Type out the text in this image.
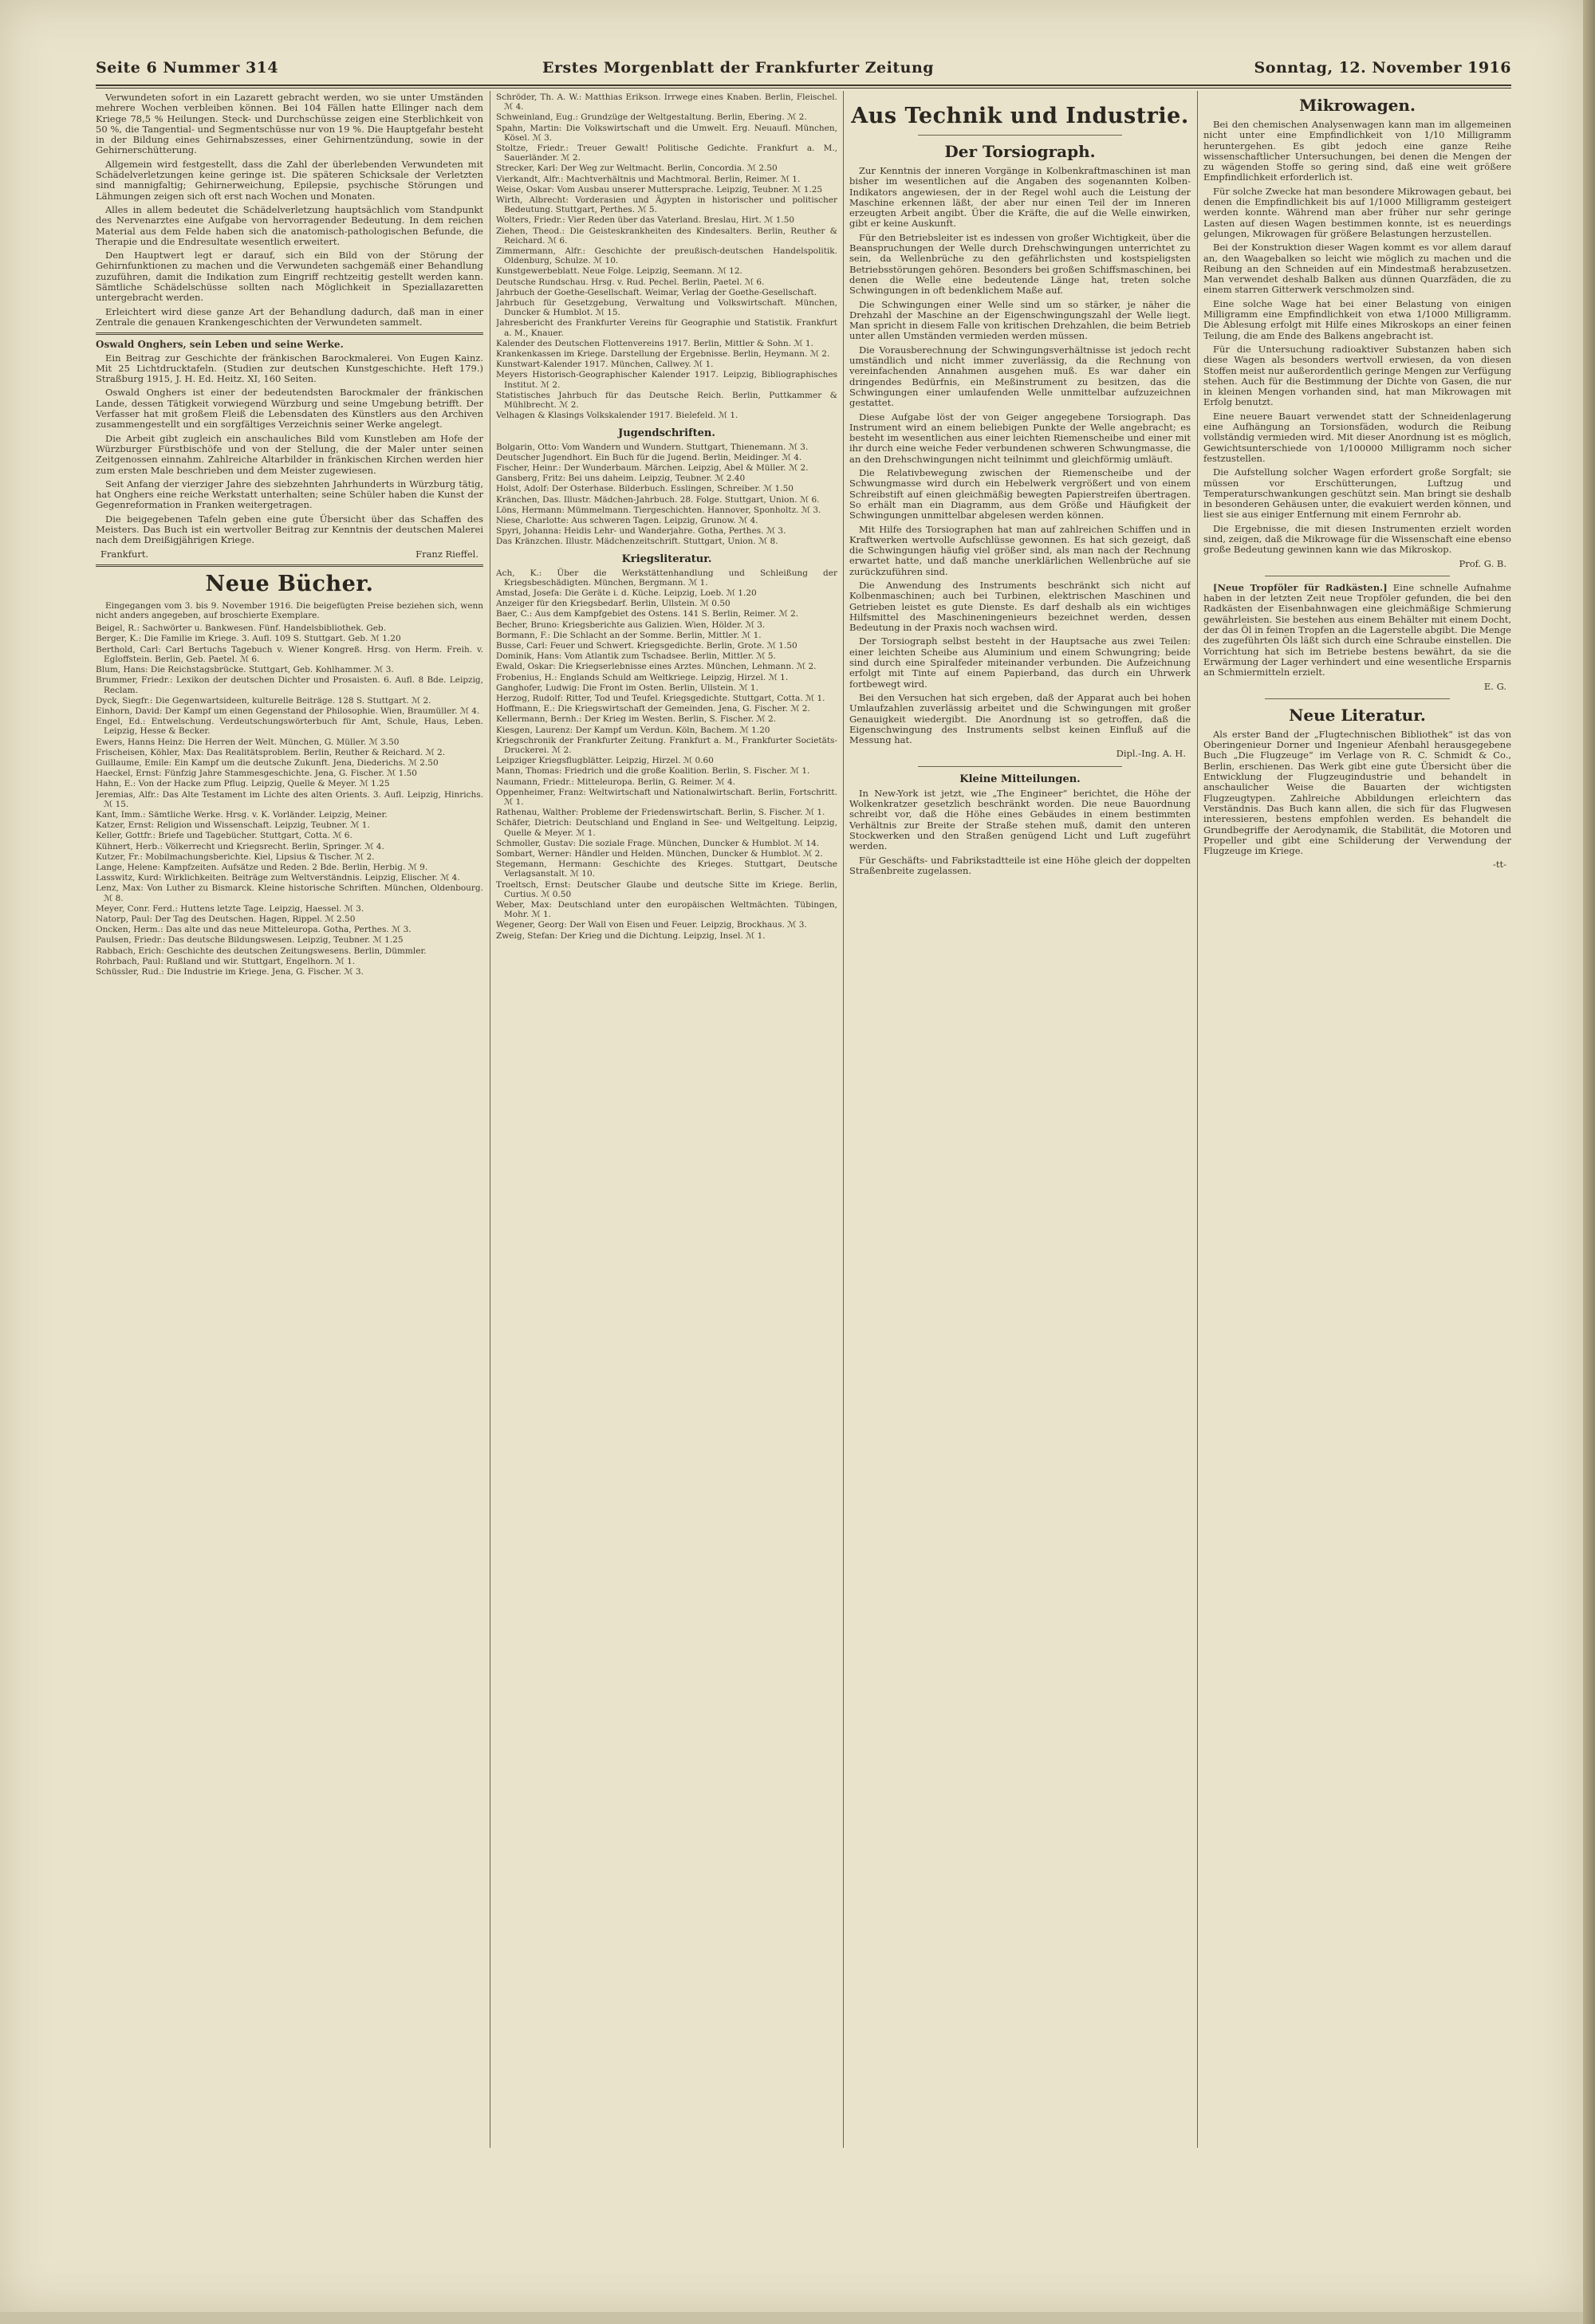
Seite 6 Nummer 314	Erstes Morgenblatt der Frankfurter Zeitung	Sonntag, 12. November 1916

Verwundeten sofort in ein Lazarett gebracht werden, wo sie unter Umständen mehrere Wochen verbleiben können. Bei 104 Fällen hatte Ellinger nach dem Kriege 78,5 % Heilungen. Steck- und Durchschüsse zeigen eine Sterblichkeit von 50 %, die Tangential- und Segmentschüsse nur von 19 %. Die Hauptgefahr besteht in der Bildung eines Gehirnabszesses, einer Gehirnentzündung, sowie in der Gehirnerschütterung.

Allgemein wird festgestellt, dass die Zahl der überlebenden Verwundeten mit Schädelverletzungen keine geringe ist. Die späteren Schicksale der Verletzten sind mannigfaltig; Gehirnerweichung, Epilepsie, psychische Störungen und Lähmungen zeigen sich oft erst nach Wochen und Monaten.

Alles in allem bedeutet die Schädelverletzung hauptsächlich vom Standpunkt des Nervenarztes eine Aufgabe von hervorragender Bedeutung. In dem reichen Material aus dem Felde haben sich die anatomisch-pathologischen Befunde, die Therapie und die Endresultate wesentlich erweitert.

Den Hauptwert legt er darauf, sich ein Bild von der Störung der Gehirnfunktionen zu machen und die Verwundeten sachgemäß einer Behandlung zuzuführen, damit die Indikation zum Eingriff rechtzeitig gestellt werden kann. Sämtliche Schädelschüsse sollten nach Möglichkeit in Speziallazaretten untergebracht werden.

Erleichtert wird diese ganze Art der Behandlung dadurch, daß man in einer Zentrale die genauen Krankengeschichten der Verwundeten sammelt.

Oswald Onghers, sein Leben und seine Werke.

Ein Beitrag zur Geschichte der fränkischen Barockmalerei. Von Eugen Kainz. Mit 25 Lichtdrucktafeln. (Studien zur deutschen Kunstgeschichte. Heft 179.) Straßburg 1915, J. H. Ed. Heitz. XI, 160 Seiten.

Oswald Onghers ist einer der bedeutendsten Barockmaler der fränkischen Lande, dessen Tätigkeit vorwiegend Würzburg und seine Umgebung betrifft. Der Verfasser hat mit großem Fleiß die Lebensdaten des Künstlers aus den Archiven zusammengestellt und ein sorgfältiges Verzeichnis seiner Werke angelegt.

Die Arbeit gibt zugleich ein anschauliches Bild vom Kunstleben am Hofe der Würzburger Fürstbischöfe und von der Stellung, die der Maler unter seinen Zeitgenossen einnahm. Zahlreiche Altarbilder in fränkischen Kirchen werden hier zum ersten Male beschrieben und dem Meister zugewiesen.

Seit Anfang der vierziger Jahre des siebzehnten Jahrhunderts in Würzburg tätig, hat Onghers eine reiche Werkstatt unterhalten; seine Schüler haben die Kunst der Gegenreformation in Franken weitergetragen.

Die beigegebenen Tafeln geben eine gute Übersicht über das Schaffen des Meisters. Das Buch ist ein wertvoller Beitrag zur Kenntnis der deutschen Malerei nach dem Dreißigjährigen Kriege.

Frankfurt.	Franz Rieffel.
Neue Bücher.

Eingegangen vom 3. bis 9. November 1916. Die beigefügten Preise beziehen sich, wenn nicht anders angegeben, auf broschierte Exemplare.

Beigel, R.: Sachwörter u. Bankwesen. Fünf. Handelsbibliothek. Geb.
Berger, K.: Die Familie im Kriege. 3. Aufl. 109 S. Stuttgart. Geb. ℳ 1.20
Berthold, Carl: Carl Bertuchs Tagebuch v. Wiener Kongreß. Hrsg. von Herm. Freih. v. Egloffstein. Berlin, Geb. Paetel. ℳ 6.
Blum, Hans: Die Reichstagsbrücke. Stuttgart, Geb. Kohlhammer. ℳ 3.
Brummer, Friedr.: Lexikon der deutschen Dichter und Prosaisten. 6. Aufl. 8 Bde. Leipzig, Reclam.
Dyck, Siegfr.: Die Gegenwartsideen, kulturelle Beiträge. 128 S. Stuttgart. ℳ 2.
Einhorn, David: Der Kampf um einen Gegenstand der Philosophie. Wien, Braumüller. ℳ 4.
Engel, Ed.: Entwelschung. Verdeutschungswörterbuch für Amt, Schule, Haus, Leben. Leipzig, Hesse & Becker.
Ewers, Hanns Heinz: Die Herren der Welt. München, G. Müller. ℳ 3.50
Frischeisen, Köhler, Max: Das Realitätsproblem. Berlin, Reuther & Reichard. ℳ 2.
Guillaume, Emile: Ein Kampf um die deutsche Zukunft. Jena, Diederichs. ℳ 2.50
Haeckel, Ernst: Fünfzig Jahre Stammesgeschichte. Jena, G. Fischer. ℳ 1.50
Hahn, E.: Von der Hacke zum Pflug. Leipzig, Quelle & Meyer. ℳ 1.25
Jeremias, Alfr.: Das Alte Testament im Lichte des alten Orients. 3. Aufl. Leipzig, Hinrichs. ℳ 15.
Kant, Imm.: Sämtliche Werke. Hrsg. v. K. Vorländer. Leipzig, Meiner.
Katzer, Ernst: Religion und Wissenschaft. Leipzig, Teubner. ℳ 1.
Keller, Gottfr.: Briefe und Tagebücher. Stuttgart, Cotta. ℳ 6.
Kühnert, Herb.: Völkerrecht und Kriegsrecht. Berlin, Springer. ℳ 4.
Kutzer, Fr.: Mobilmachungsberichte. Kiel, Lipsius & Tischer. ℳ 2.
Lange, Helene: Kampfzeiten. Aufsätze und Reden. 2 Bde. Berlin, Herbig. ℳ 9.
Lasswitz, Kurd: Wirklichkeiten. Beiträge zum Weltverständnis. Leipzig, Elischer. ℳ 4.
Lenz, Max: Von Luther zu Bismarck. Kleine historische Schriften. München, Oldenbourg. ℳ 8.
Meyer, Conr. Ferd.: Huttens letzte Tage. Leipzig, Haessel. ℳ 3.
Natorp, Paul: Der Tag des Deutschen. Hagen, Rippel. ℳ 2.50
Oncken, Herm.: Das alte und das neue Mitteleuropa. Gotha, Perthes. ℳ 3.
Paulsen, Friedr.: Das deutsche Bildungswesen. Leipzig, Teubner. ℳ 1.25
Rabbach, Erich: Geschichte des deutschen Zeitungswesens. Berlin, Dümmler.
Rohrbach, Paul: Rußland und wir. Stuttgart, Engelhorn. ℳ 1.
Schüssler, Rud.: Die Industrie im Kriege. Jena, G. Fischer. ℳ 3.
Schröder, Th. A. W.: Matthias Erikson. Irrwege eines Knaben. Berlin, Fleischel. ℳ 4.
Schweinland, Eug.: Grundzüge der Weltgestaltung. Berlin, Ebering. ℳ 2.
Spahn, Martin: Die Volkswirtschaft und die Umwelt. Erg. Neuaufl. München, Kösel. ℳ 3.
Stoltze, Friedr.: Treuer Gewalt! Politische Gedichte. Frankfurt a. M., Sauerländer. ℳ 2.
Strecker, Karl: Der Weg zur Weltmacht. Berlin, Concordia. ℳ 2.50
Vierkandt, Alfr.: Machtverhältnis und Machtmoral. Berlin, Reimer. ℳ 1.
Weise, Oskar: Vom Ausbau unserer Muttersprache. Leipzig, Teubner. ℳ 1.25
Wirth, Albrecht: Vorderasien und Ägypten in historischer und politischer Bedeutung. Stuttgart, Perthes. ℳ 5.
Wolters, Friedr.: Vier Reden über das Vaterland. Breslau, Hirt. ℳ 1.50
Ziehen, Theod.: Die Geisteskrankheiten des Kindesalters. Berlin, Reuther & Reichard. ℳ 6.
Zimmermann, Alfr.: Geschichte der preußisch-deutschen Handelspolitik. Oldenburg, Schulze. ℳ 10.
Kunstgewerbeblatt. Neue Folge. Leipzig, Seemann. ℳ 12.
Deutsche Rundschau. Hrsg. v. Rud. Pechel. Berlin, Paetel. ℳ 6.
Jahrbuch der Goethe-Gesellschaft. Weimar, Verlag der Goethe-Gesellschaft.
Jahrbuch für Gesetzgebung, Verwaltung und Volkswirtschaft. München, Duncker & Humblot. ℳ 15.
Jahresbericht des Frankfurter Vereins für Geographie und Statistik. Frankfurt a. M., Knauer.
Kalender des Deutschen Flottenvereins 1917. Berlin, Mittler & Sohn. ℳ 1.
Krankenkassen im Kriege. Darstellung der Ergebnisse. Berlin, Heymann. ℳ 2.
Kunstwart-Kalender 1917. München, Callwey. ℳ 1.
Meyers Historisch-Geographischer Kalender 1917. Leipzig, Bibliographisches Institut. ℳ 2.
Statistisches Jahrbuch für das Deutsche Reich. Berlin, Puttkammer & Mühlbrecht. ℳ 2.
Velhagen & Klasings Volkskalender 1917. Bielefeld. ℳ 1.
Jugendschriften.
Bolgarin, Otto: Vom Wandern und Wundern. Stuttgart, Thienemann. ℳ 3.
Deutscher Jugendhort. Ein Buch für die Jugend. Berlin, Meidinger. ℳ 4.
Fischer, Heinr.: Der Wunderbaum. Märchen. Leipzig, Abel & Müller. ℳ 2.
Gansberg, Fritz: Bei uns daheim. Leipzig, Teubner. ℳ 2.40
Holst, Adolf: Der Osterhase. Bilderbuch. Esslingen, Schreiber. ℳ 1.50
Kränchen, Das. Illustr. Mädchen-Jahrbuch. 28. Folge. Stuttgart, Union. ℳ 6.
Löns, Hermann: Mümmelmann. Tiergeschichten. Hannover, Sponholtz. ℳ 3.
Niese, Charlotte: Aus schweren Tagen. Leipzig, Grunow. ℳ 4.
Spyri, Johanna: Heidis Lehr- und Wanderjahre. Gotha, Perthes. ℳ 3.
Das Kränzchen. Illustr. Mädchenzeitschrift. Stuttgart, Union. ℳ 8.
Kriegsliteratur.
Ach, K.: Über die Werkstättenhandlung und Schleißung der Kriegsbeschädigten. München, Bergmann. ℳ 1.
Amstad, Josefa: Die Geräte i. d. Küche. Leipzig, Loeb. ℳ 1.20
Anzeiger für den Kriegsbedarf. Berlin, Ullstein. ℳ 0.50
Baer, C.: Aus dem Kampfgebiet des Ostens. 141 S. Berlin, Reimer. ℳ 2.
Becher, Bruno: Kriegsberichte aus Galizien. Wien, Hölder. ℳ 3.
Bormann, F.: Die Schlacht an der Somme. Berlin, Mittler. ℳ 1.
Busse, Carl: Feuer und Schwert. Kriegsgedichte. Berlin, Grote. ℳ 1.50
Dominik, Hans: Vom Atlantik zum Tschadsee. Berlin, Mittler. ℳ 5.
Ewald, Oskar: Die Kriegserlebnisse eines Arztes. München, Lehmann. ℳ 2.
Frobenius, H.: Englands Schuld am Weltkriege. Leipzig, Hirzel. ℳ 1.
Ganghofer, Ludwig: Die Front im Osten. Berlin, Ullstein. ℳ 1.
Herzog, Rudolf: Ritter, Tod und Teufel. Kriegsgedichte. Stuttgart, Cotta. ℳ 1.
Hoffmann, E.: Die Kriegswirtschaft der Gemeinden. Jena, G. Fischer. ℳ 2.
Kellermann, Bernh.: Der Krieg im Westen. Berlin, S. Fischer. ℳ 2.
Kiesgen, Laurenz: Der Kampf um Verdun. Köln, Bachem. ℳ 1.20
Kriegschronik der Frankfurter Zeitung. Frankfurt a. M., Frankfurter Societäts-Druckerei. ℳ 2.
Leipziger Kriegsflugblätter. Leipzig, Hirzel. ℳ 0.60
Mann, Thomas: Friedrich und die große Koalition. Berlin, S. Fischer. ℳ 1.
Naumann, Friedr.: Mitteleuropa. Berlin, G. Reimer. ℳ 4.
Oppenheimer, Franz: Weltwirtschaft und Nationalwirtschaft. Berlin, Fortschritt. ℳ 1.
Rathenau, Walther: Probleme der Friedenswirtschaft. Berlin, S. Fischer. ℳ 1.
Schäfer, Dietrich: Deutschland und England in See- und Weltgeltung. Leipzig, Quelle & Meyer. ℳ 1.
Schmoller, Gustav: Die soziale Frage. München, Duncker & Humblot. ℳ 14.
Sombart, Werner: Händler und Helden. München, Duncker & Humblot. ℳ 2.
Stegemann, Hermann: Geschichte des Krieges. Stuttgart, Deutsche Verlagsanstalt. ℳ 10.
Troeltsch, Ernst: Deutscher Glaube und deutsche Sitte im Kriege. Berlin, Curtius. ℳ 0.50
Weber, Max: Deutschland unter den europäischen Weltmächten. Tübingen, Mohr. ℳ 1.
Wegener, Georg: Der Wall von Eisen und Feuer. Leipzig, Brockhaus. ℳ 3.
Zweig, Stefan: Der Krieg und die Dichtung. Leipzig, Insel. ℳ 1.
Aus Technik und Industrie.
Der Torsiograph.

Zur Kenntnis der inneren Vorgänge in Kolbenkraftmaschinen ist man bisher im wesentlichen auf die Angaben des sogenannten Kolben-Indikators angewiesen, der in der Regel wohl auch die Leistung der Maschine erkennen läßt, der aber nur einen Teil der im Inneren erzeugten Arbeit angibt. Über die Kräfte, die auf die Welle einwirken, gibt er keine Auskunft.

Für den Betriebsleiter ist es indessen von großer Wichtigkeit, über die Beanspruchungen der Welle durch Drehschwingungen unterrichtet zu sein, da Wellenbrüche zu den gefährlichsten und kostspieligsten Betriebsstörungen gehören. Besonders bei großen Schiffsmaschinen, bei denen die Welle eine bedeutende Länge hat, treten solche Schwingungen in oft bedenklichem Maße auf.

Die Schwingungen einer Welle sind um so stärker, je näher die Drehzahl der Maschine an der Eigenschwingungszahl der Welle liegt. Man spricht in diesem Falle von kritischen Drehzahlen, die beim Betrieb unter allen Umständen vermieden werden müssen.

Die Vorausberechnung der Schwingungsverhältnisse ist jedoch recht umständlich und nicht immer zuverlässig, da die Rechnung von vereinfachenden Annahmen ausgehen muß. Es war daher ein dringendes Bedürfnis, ein Meßinstrument zu besitzen, das die Schwingungen einer umlaufenden Welle unmittelbar aufzuzeichnen gestattet.

Diese Aufgabe löst der von Geiger angegebene Torsiograph. Das Instrument wird an einem beliebigen Punkte der Welle angebracht; es besteht im wesentlichen aus einer leichten Riemenscheibe und einer mit ihr durch eine weiche Feder verbundenen schweren Schwungmasse, die an den Drehschwingungen nicht teilnimmt und gleichförmig umläuft.

Die Relativbewegung zwischen der Riemenscheibe und der Schwungmasse wird durch ein Hebelwerk vergrößert und von einem Schreibstift auf einen gleichmäßig bewegten Papierstreifen übertragen. So erhält man ein Diagramm, aus dem Größe und Häufigkeit der Schwingungen unmittelbar abgelesen werden können.

Mit Hilfe des Torsiographen hat man auf zahlreichen Schiffen und in Kraftwerken wertvolle Aufschlüsse gewonnen. Es hat sich gezeigt, daß die Schwingungen häufig viel größer sind, als man nach der Rechnung erwartet hatte, und daß manche unerklärlichen Wellenbrüche auf sie zurückzuführen sind.

Die Anwendung des Instruments beschränkt sich nicht auf Kolbenmaschinen; auch bei Turbinen, elektrischen Maschinen und Getrieben leistet es gute Dienste. Es darf deshalb als ein wichtiges Hilfsmittel des Maschineningenieurs bezeichnet werden, dessen Bedeutung in der Praxis noch wachsen wird.

Der Torsiograph selbst besteht in der Hauptsache aus zwei Teilen: einer leichten Scheibe aus Aluminium und einem Schwungring; beide sind durch eine Spiralfeder miteinander verbunden. Die Aufzeichnung erfolgt mit Tinte auf einem Papierband, das durch ein Uhrwerk fortbewegt wird.

Bei den Versuchen hat sich ergeben, daß der Apparat auch bei hohen Umlaufzahlen zuverlässig arbeitet und die Schwingungen mit großer Genauigkeit wiedergibt. Die Anordnung ist so getroffen, daß die Eigenschwingung des Instruments selbst keinen Einfluß auf die Messung hat.

Dipl.-Ing. A. H.
Kleine Mitteilungen.

In New-York ist jetzt, wie „The Engineer“ berichtet, die Höhe der Wolkenkratzer gesetzlich beschränkt worden. Die neue Bauordnung schreibt vor, daß die Höhe eines Gebäudes in einem bestimmten Verhältnis zur Breite der Straße stehen muß, damit den unteren Stockwerken und den Straßen genügend Licht und Luft zugeführt werden.

Für Geschäfts- und Fabrikstadtteile ist eine Höhe gleich der doppelten Straßenbreite zugelassen.

Mikrowagen.

Bei den chemischen Analysenwagen kann man im allgemeinen nicht unter eine Empfindlichkeit von 1/10 Milligramm heruntergehen. Es gibt jedoch eine ganze Reihe wissenschaftlicher Untersuchungen, bei denen die Mengen der zu wägenden Stoffe so gering sind, daß eine weit größere Empfindlichkeit erforderlich ist.

Für solche Zwecke hat man besondere Mikrowagen gebaut, bei denen die Empfindlichkeit bis auf 1/1000 Milligramm gesteigert werden konnte. Während man aber früher nur sehr geringe Lasten auf diesen Wagen bestimmen konnte, ist es neuerdings gelungen, Mikrowagen für größere Belastungen herzustellen.

Bei der Konstruktion dieser Wagen kommt es vor allem darauf an, den Waagebalken so leicht wie möglich zu machen und die Reibung an den Schneiden auf ein Mindestmaß herabzusetzen. Man verwendet deshalb Balken aus dünnen Quarzfäden, die zu einem starren Gitterwerk verschmolzen sind.

Eine solche Wage hat bei einer Belastung von einigen Milligramm eine Empfindlichkeit von etwa 1/1000 Milligramm. Die Ablesung erfolgt mit Hilfe eines Mikroskops an einer feinen Teilung, die am Ende des Balkens angebracht ist.

Für die Untersuchung radioaktiver Substanzen haben sich diese Wagen als besonders wertvoll erwiesen, da von diesen Stoffen meist nur außerordentlich geringe Mengen zur Verfügung stehen. Auch für die Bestimmung der Dichte von Gasen, die nur in kleinen Mengen vorhanden sind, hat man Mikrowagen mit Erfolg benutzt.

Eine neuere Bauart verwendet statt der Schneidenlagerung eine Aufhängung an Torsionsfäden, wodurch die Reibung vollständig vermieden wird. Mit dieser Anordnung ist es möglich, Gewichtsunterschiede von 1/100000 Milligramm noch sicher festzustellen.

Die Aufstellung solcher Wagen erfordert große Sorgfalt; sie müssen vor Erschütterungen, Luftzug und Temperaturschwankungen geschützt sein. Man bringt sie deshalb in besonderen Gehäusen unter, die evakuiert werden können, und liest sie aus einiger Entfernung mit einem Fernrohr ab.

Die Ergebnisse, die mit diesen Instrumenten erzielt worden sind, zeigen, daß die Mikrowage für die Wissenschaft eine ebenso große Bedeutung gewinnen kann wie das Mikroskop.

Prof. G. B.

[Neue Tropföler für Radkästen.] Eine schnelle Aufnahme haben in der letzten Zeit neue Tropföler gefunden, die bei den Radkästen der Eisenbahnwagen eine gleichmäßige Schmierung gewährleisten. Sie bestehen aus einem Behälter mit einem Docht, der das Öl in feinen Tropfen an die Lagerstelle abgibt. Die Menge des zugeführten Öls läßt sich durch eine Schraube einstellen. Die Vorrichtung hat sich im Betriebe bestens bewährt, da sie die Erwärmung der Lager verhindert und eine wesentliche Ersparnis an Schmiermitteln erzielt.

E. G.
Neue Literatur.

Als erster Band der „Flugtechnischen Bibliothek“ ist das von Oberingenieur Dorner und Ingenieur Afenbahl herausgegebene Buch „Die Flugzeuge“ im Verlage von R. C. Schmidt & Co., Berlin, erschienen. Das Werk gibt eine gute Übersicht über die Entwicklung der Flugzeugindustrie und behandelt in anschaulicher Weise die Bauarten der wichtigsten Flugzeugtypen. Zahlreiche Abbildungen erleichtern das Verständnis. Das Buch kann allen, die sich für das Flugwesen interessieren, bestens empfohlen werden. Es behandelt die Grundbegriffe der Aerodynamik, die Stabilität, die Motoren und Propeller und gibt eine Schilderung der Verwendung der Flugzeuge im Kriege.

-tt-
